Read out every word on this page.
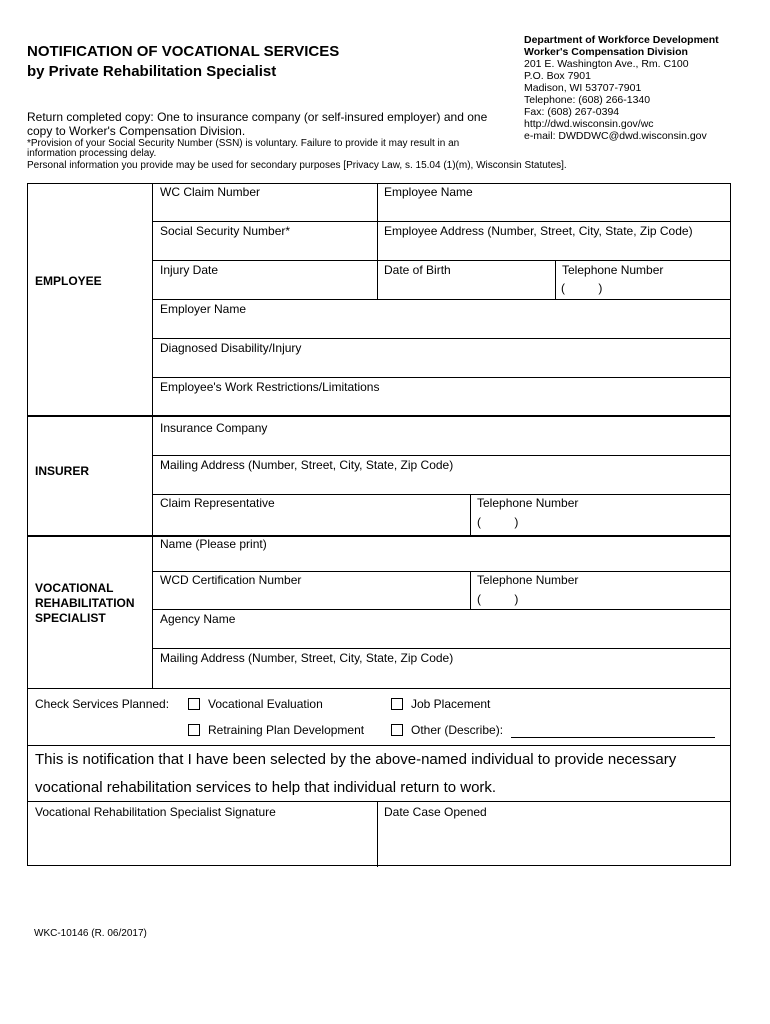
NOTIFICATION OF VOCATIONAL SERVICES
by Private Rehabilitation Specialist
Department of Workforce Development
Worker's Compensation Division
201 E. Washington Ave., Rm. C100
P.O. Box 7901
Madison, WI 53707-7901
Telephone: (608) 266-1340
Fax: (608) 267-0394
http://dwd.wisconsin.gov/wc
e-mail: DWDDWC@dwd.wisconsin.gov
Return completed copy: One to insurance company (or self-insured employer) and one copy to Worker's Compensation Division.
*Provision of your Social Security Number (SSN) is voluntary. Failure to provide it may result in an information processing delay.
Personal information you provide may be used for secondary purposes [Privacy Law, s. 15.04 (1)(m), Wisconsin Statutes].
EMPLOYEE
WC Claim Number	Employee Name
Social Security Number*	Employee Address (Number, Street, City, State, Zip Code)
Injury Date	Date of Birth	Telephone Number
(          )
Employer Name
Diagnosed Disability/Injury
Employee's Work Restrictions/Limitations
INSURER
Insurance Company
Mailing Address (Number, Street, City, State, Zip Code)
Claim Representative	Telephone Number
(          )
VOCATIONAL
REHABILITATION
SPECIALIST
Name (Please print)
WCD Certification Number	Telephone Number
(          )
Agency Name
Mailing Address (Number, Street, City, State, Zip Code)
Check Services Planned:	Vocational Evaluation	Job Placement
Retraining Plan Development	Other (Describe):
This is notification that I have been selected by the above-named individual to provide necessary
vocational rehabilitation services to help that individual return to work.
Vocational Rehabilitation Specialist Signature	Date Case Opened
WKC-10146 (R. 06/2017)
